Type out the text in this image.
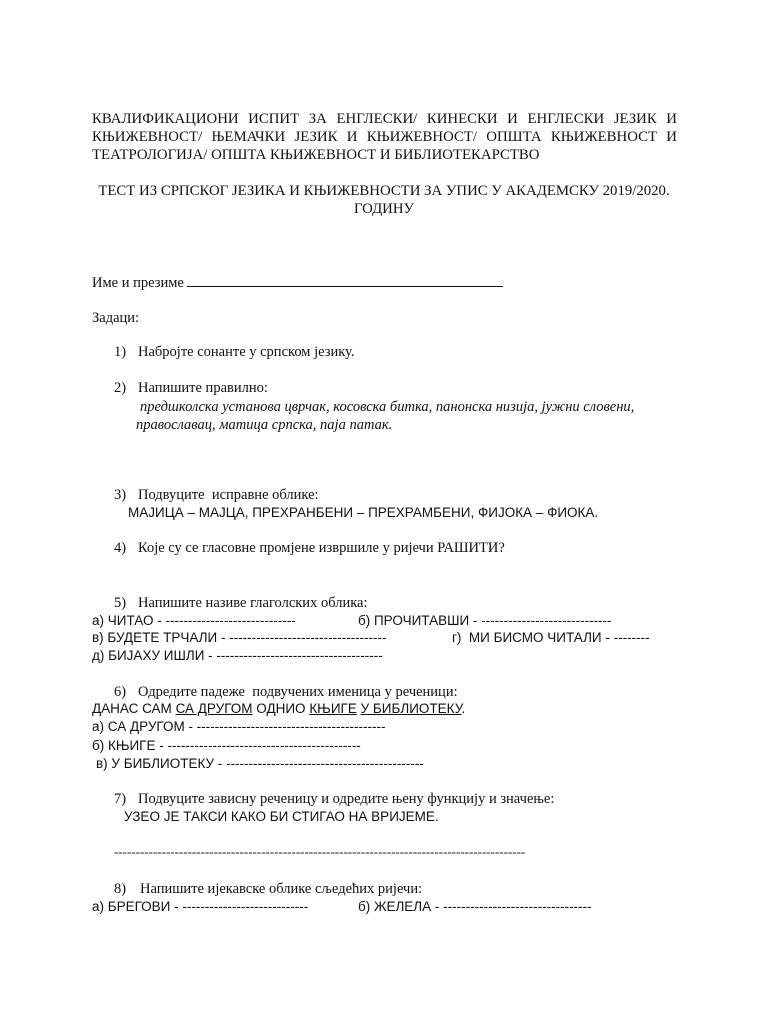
КВАЛИФИКАЦИОНИ ИСПИТ ЗА ЕНГЛЕСКИ/ КИНЕСКИ И ЕНГЛЕСКИ ЈЕЗИК И
КЊИЖЕВНОСТ/ ЊЕМАЧКИ ЈЕЗИК И КЊИЖЕВНОСТ/ ОПШТА КЊИЖЕВНОСТ И
ТЕАТРОЛОГИЈА/ ОПШТА КЊИЖЕВНОСТ И БИБЛИОТЕКАРСТВО
ТЕСТ ИЗ СРПСКОГ ЈЕЗИКА И КЊИЖЕВНОСТИ ЗА УПИС У АКАДЕМСКУ 2019/2020.
ГОДИНУ
Име и презиме
Задаци:
1) Набројте сонанте у српском језику.
2) Напишите правилно:
предшколска установа цврчак, косовска битка, панонска низија, јужни словени,
православац, матица српска, паја патак.
3) Подвуците  исправне облике:
МАЈИЦА – МАЈЦА, ПРЕХРАНБЕНИ – ПРЕХРАМБЕНИ, ФИЈОКА – ФИОКА.
4) Које су се гласовне промјене извршиле у ријечи РАШИТИ?
5) Напишите називе глаголских облика:
а) ЧИТАО - -----------------------------	б) ПРОЧИТАВШИ - -----------------------------
в) БУДЕТЕ ТРЧАЛИ - -----------------------------------	г)  МИ БИСМО ЧИТАЛИ - --------
д) БИЈАХУ ИШЛИ - -------------------------------------
6) Одредите падеже  подвучених именица у реченици:
ДАНАС САМ СА ДРУГОМ ОДНИО КЊИГЕ У БИБЛИОТЕКУ.
а) СА ДРУГОМ - ------------------------------------------
б) КЊИГЕ - -------------------------------------------
в) У БИБЛИОТЕКУ - --------------------------------------------
7) Подвуците зависну реченицу и одредите њену функцију и значење:
УЗЕО ЈЕ ТАКСИ КАКО БИ СТИГАО НА ВРИЈЕМЕ.
-----------------------------------------------------------------------------------------------
8) Напишите ијекавске облике сљедећих ријечи:
а) БРЕГОВИ - ----------------------------	б) ЖЕЛЕЛА - ---------------------------------
